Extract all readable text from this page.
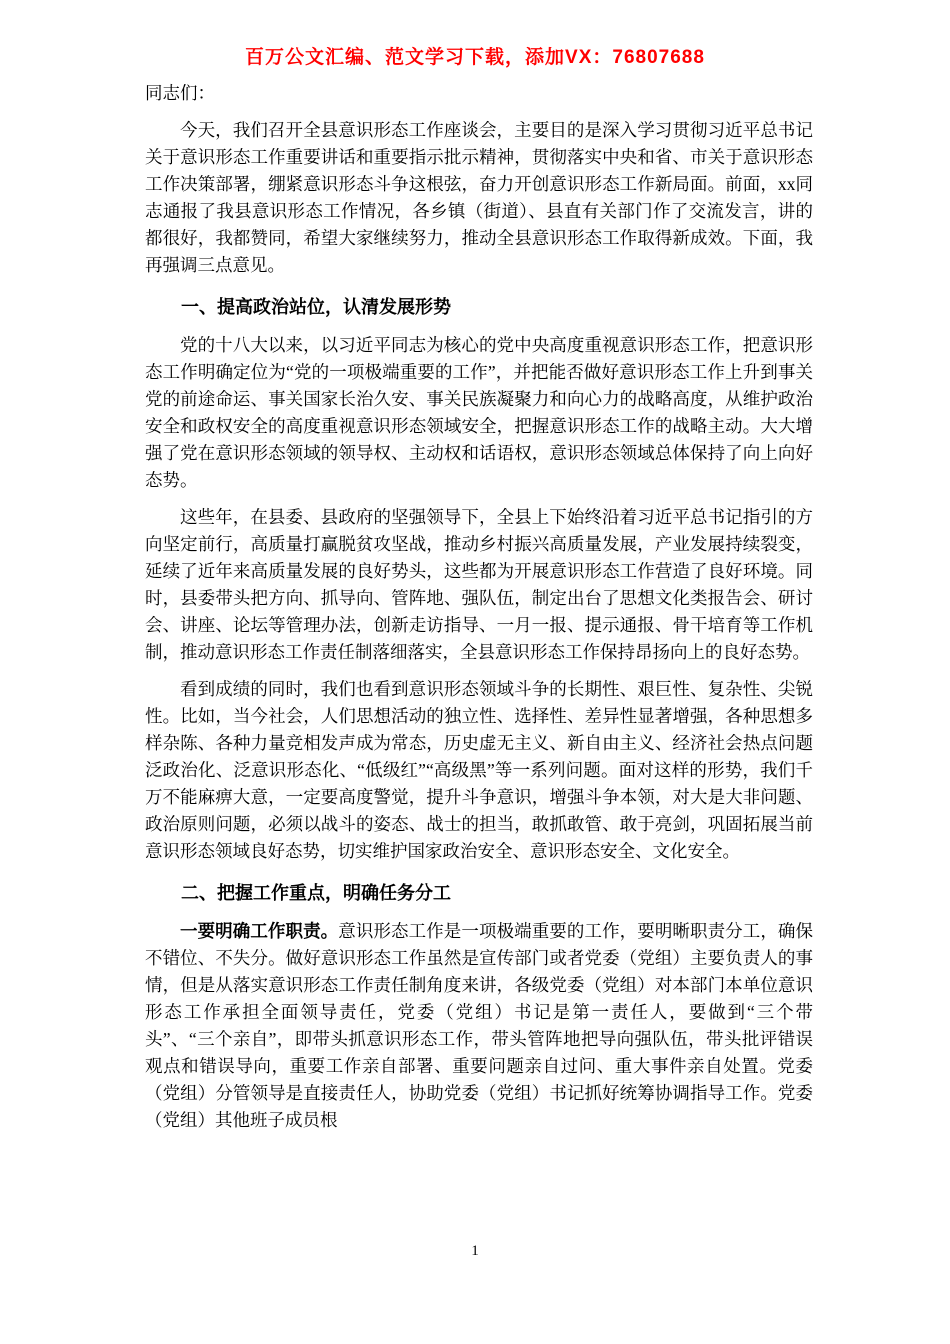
百万公文汇编、范文学习下载，添加VX：76807688

同志们：

今天，我们召开全县意识形态工作座谈会，主要目的是深入学习贯彻习近平总书记关于意识形态工作重要讲话和重要指示批示精神，贯彻落实中央和省、市关于意识形态工作决策部署，绷紧意识形态斗争这根弦，奋力开创意识形态工作新局面。前面，xx同志通报了我县意识形态工作情况，各乡镇（街道）、县直有关部门作了交流发言，讲的都很好，我都赞同，希望大家继续努力，推动全县意识形态工作取得新成效。下面，我再强调三点意见。

一、提高政治站位，认清发展形势

党的十八大以来，以习近平同志为核心的党中央高度重视意识形态工作，把意识形态工作明确定位为“党的一项极端重要的工作”，并把能否做好意识形态工作上升到事关党的前途命运、事关国家长治久安、事关民族凝聚力和向心力的战略高度，从维护政治安全和政权安全的高度重视意识形态领域安全，把握意识形态工作的战略主动。大大增强了党在意识形态领域的领导权、主动权和话语权，意识形态领域总体保持了向上向好态势。

这些年，在县委、县政府的坚强领导下，全县上下始终沿着习近平总书记指引的方向坚定前行，高质量打赢脱贫攻坚战，推动乡村振兴高质量发展，产业发展持续裂变，延续了近年来高质量发展的良好势头，这些都为开展意识形态工作营造了良好环境。同时，县委带头把方向、抓导向、管阵地、强队伍，制定出台了思想文化类报告会、研讨会、讲座、论坛等管理办法，创新走访指导、一月一报、提示通报、骨干培育等工作机制，推动意识形态工作责任制落细落实，全县意识形态工作保持昂扬向上的良好态势。

看到成绩的同时，我们也看到意识形态领域斗争的长期性、艰巨性、复杂性、尖锐性。比如，当今社会，人们思想活动的独立性、选择性、差异性显著增强，各种思想多样杂陈、各种力量竞相发声成为常态，历史虚无主义、新自由主义、经济社会热点问题泛政治化、泛意识形态化、“低级红”“高级黑”等一系列问题。面对这样的形势，我们千万不能麻痹大意，一定要高度警觉，提升斗争意识，增强斗争本领，对大是大非问题、政治原则问题，必须以战斗的姿态、战士的担当，敢抓敢管、敢于亮剑，巩固拓展当前意识形态领域良好态势，切实维护国家政治安全、意识形态安全、文化安全。

二、把握工作重点，明确任务分工

一要明确工作职责。意识形态工作是一项极端重要的工作，要明晰职责分工，确保不错位、不失分。做好意识形态工作虽然是宣传部门或者党委（党组）主要负责人的事情，但是从落实意识形态工作责任制角度来讲，各级党委（党组）对本部门本单位意识形态工作承担全面领导责任，党委（党组）书记是第一责任人，要做到“三个带头”、“三个亲自”，即带头抓意识形态工作，带头管阵地把导向强队伍，带头批评错误观点和错误导向，重要工作亲自部署、重要问题亲自过问、重大事件亲自处置。党委（党组）分管领导是直接责任人，协助党委（党组）书记抓好统筹协调指导工作。党委（党组）其他班子成员根

1
